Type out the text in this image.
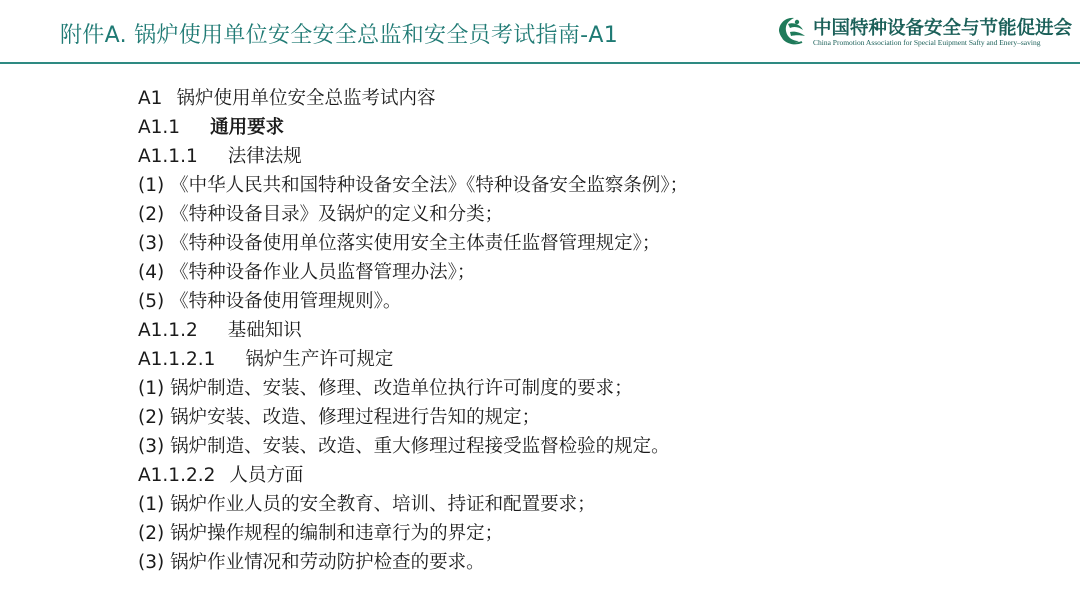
附件A. 锅炉使用单位安全安全总监和安全员考试指南-A1	中国特种设备安全与节能促进会
China Promotion Association for Special Euipment Safty and Enery–saving
A1 锅炉使用单位安全总监考试内容
A1.1 通用要求
A1.1.1 法律法规
(1) 《中华人民共和国特种设备安全法》《特种设备安全监察条例》；
(2) 《特种设备目录》及锅炉的定义和分类；
(3) 《特种设备使用单位落实使用安全主体责任监督管理规定》；
(4) 《特种设备作业人员监督管理办法》；
(5) 《特种设备使用管理规则》。
A1.1.2 基础知识
A1.1.2.1 锅炉生产许可规定
(1) 锅炉制造、安装、修理、改造单位执行许可制度的要求；
(2) 锅炉安装、改造、修理过程进行告知的规定；
(3) 锅炉制造、安装、改造、重大修理过程接受监督检验的规定。
A1.1.2.2 人员方面
(1) 锅炉作业人员的安全教育、培训、持证和配置要求；
(2) 锅炉操作规程的编制和违章行为的界定；
(3) 锅炉作业情况和劳动防护检查的要求。
